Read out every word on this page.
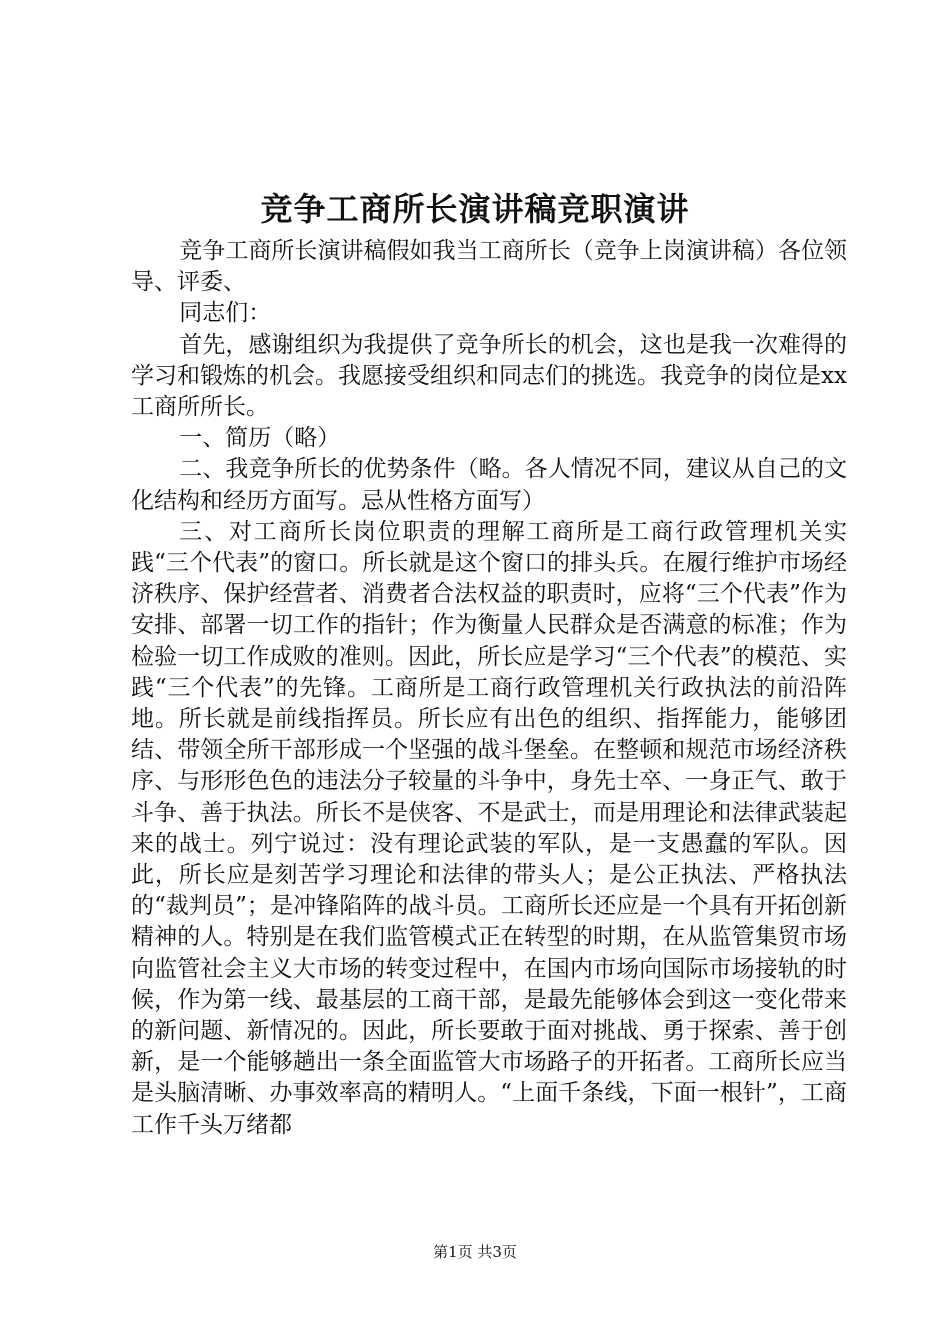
竞争工商所长演讲稿竞职演讲

竞争工商所长演讲稿假如我当工商所长（竞争上岗演讲稿）各位领导、评委、

同志们：

首先，感谢组织为我提供了竞争所长的机会，这也是我一次难得的学习和锻炼的机会。我愿接受组织和同志们的挑选。我竞争的岗位是xx工商所所长。

一、简历（略）

二、我竞争所长的优势条件（略。各人情况不同，建议从自己的文化结构和经历方面写。忌从性格方面写）

三、对工商所长岗位职责的理解工商所是工商行政管理机关实践“三个代表”的窗口。所长就是这个窗口的排头兵。在履行维护市场经济秩序、保护经营者、消费者合法权益的职责时，应将“三个代表”作为安排、部署一切工作的指针；作为衡量人民群众是否满意的标准；作为检验一切工作成败的准则。因此，所长应是学习“三个代表”的模范、实践“三个代表”的先锋。工商所是工商行政管理机关行政执法的前沿阵地。所长就是前线指挥员。所长应有出色的组织、指挥能力，能够团结、带领全所干部形成一个坚强的战斗堡垒。在整顿和规范市场经济秩序、与形形色色的违法分子较量的斗争中，身先士卒、一身正气、敢于斗争、善于执法。所长不是侠客、不是武士，而是用理论和法律武装起来的战士。列宁说过：没有理论武装的军队，是一支愚蠢的军队。因此，所长应是刻苦学习理论和法律的带头人；是公正执法、严格执法的“裁判员”；是冲锋陷阵的战斗员。工商所长还应是一个具有开拓创新精神的人。特别是在我们监管模式正在转型的时期，在从监管集贸市场向监管社会主义大市场的转变过程中，在国内市场向国际市场接轨的时候，作为第一线、最基层的工商干部，是最先能够体会到这一变化带来的新问题、新情况的。因此，所长要敢于面对挑战、勇于探索、善于创新，是一个能够趟出一条全面监管大市场路子的开拓者。工商所长应当是头脑清晰、办事效率高的精明人。“上面千条线，下面一根针”，工商工作千头万绪都

第1页 共3页
